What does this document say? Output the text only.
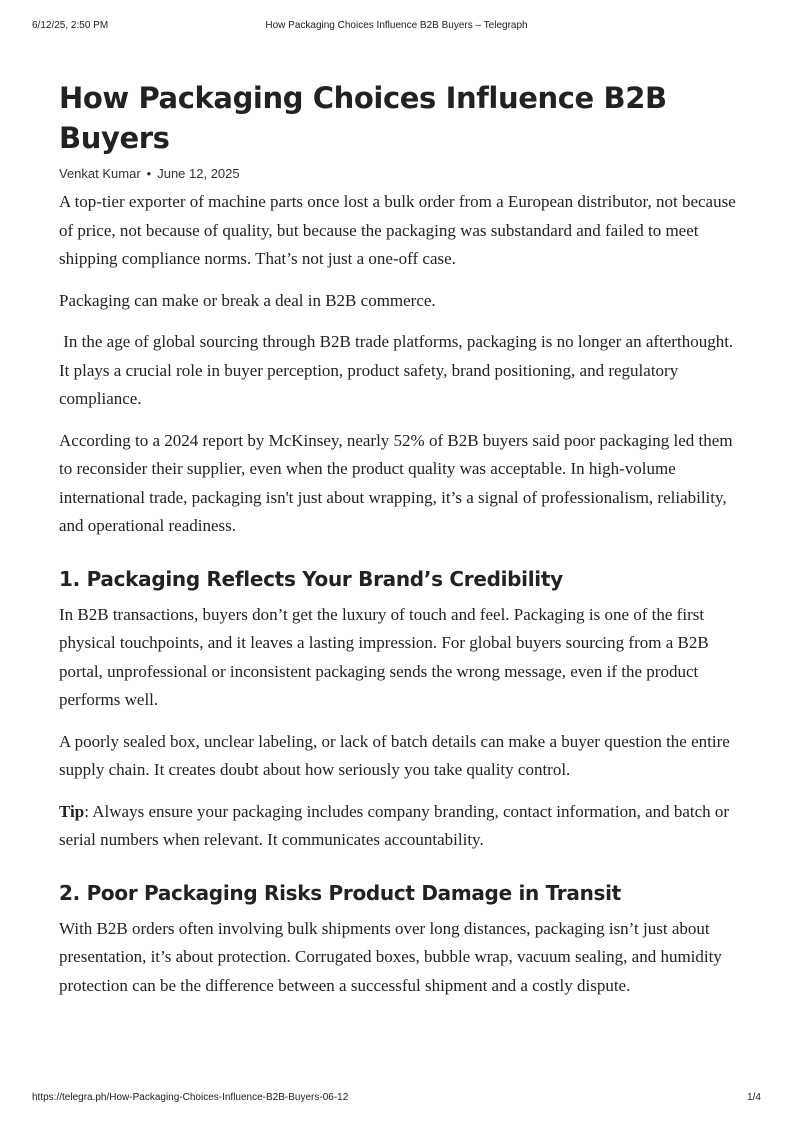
6/12/25, 2:50 PM	How Packaging Choices Influence B2B Buyers – Telegraph
How Packaging Choices Influence B2B Buyers
Venkat Kumar • June 12, 2025

A top-tier exporter of machine parts once lost a bulk order from a European distributor, not because of price, not because of quality, but because the packaging was substandard and failed to meet shipping compliance norms. That’s not just a one-off case.

Packaging can make or break a deal in B2B commerce.

In the age of global sourcing through B2B trade platforms, packaging is no longer an afterthought. It plays a crucial role in buyer perception, product safety, brand positioning, and regulatory compliance.

According to a 2024 report by McKinsey, nearly 52% of B2B buyers said poor packaging led them to reconsider their supplier, even when the product quality was acceptable. In high-volume international trade, packaging isn't just about wrapping, it’s a signal of professionalism, reliability, and operational readiness.

1. Packaging Reflects Your Brand’s Credibility

In B2B transactions, buyers don’t get the luxury of touch and feel. Packaging is one of the first physical touchpoints, and it leaves a lasting impression. For global buyers sourcing from a B2B portal, unprofessional or inconsistent packaging sends the wrong message, even if the product performs well.

A poorly sealed box, unclear labeling, or lack of batch details can make a buyer question the entire supply chain. It creates doubt about how seriously you take quality control.

Tip: Always ensure your packaging includes company branding, contact information, and batch or serial numbers when relevant. It communicates accountability.

2. Poor Packaging Risks Product Damage in Transit

With B2B orders often involving bulk shipments over long distances, packaging isn’t just about presentation, it’s about protection. Corrugated boxes, bubble wrap, vacuum sealing, and humidity protection can be the difference between a successful shipment and a costly dispute.

https://telegra.ph/How-Packaging-Choices-Influence-B2B-Buyers-06-12	1/4
